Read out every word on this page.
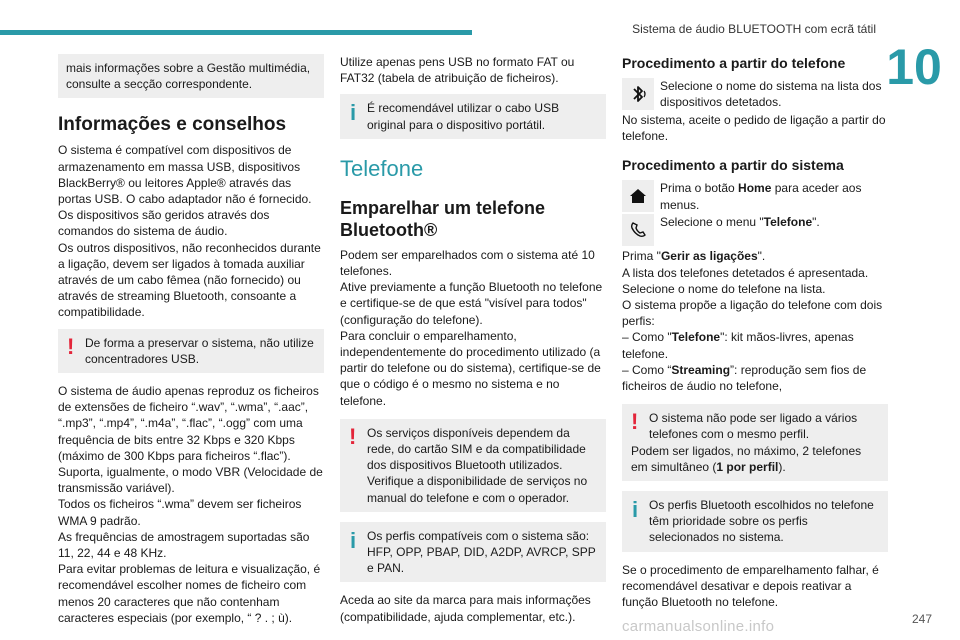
Sistema de áudio BLUETOOTH com ecrã tátil
10

mais informações sobre a Gestão multimédia, consulte a secção correspondente.

Informações e conselhos

O sistema é compatível com dispositivos de armazenamento em massa USB, dispositivos BlackBerry® ou leitores Apple® através das portas USB. O cabo adaptador não é fornecido.

Os dispositivos são geridos através dos comandos do sistema de áudio.

Os outros dispositivos, não reconhecidos durante a ligação, devem ser ligados à tomada auxiliar através de um cabo fêmea (não fornecido) ou através de streaming Bluetooth, consoante a compatibilidade.

! De forma a preservar o sistema, não utilize concentradores USB.

O sistema de áudio apenas reproduz os ficheiros de extensões de ficheiro “.wav”, “.wma”, “.aac”, “.mp3”, “.mp4”, “.m4a”, “.flac”, “.ogg” com uma frequência de bits entre 32 Kbps e 320 Kbps (máximo de 300 Kbps para ficheiros “.flac”).

Suporta, igualmente, o modo VBR (Velocidade de transmissão variável).

Todos os ficheiros “.wma” devem ser ficheiros WMA 9 padrão.

As frequências de amostragem suportadas são 11, 22, 44 e 48 KHz.

Para evitar problemas de leitura e visualização, é recomendável escolher nomes de ficheiro com menos 20 caracteres que não contenham caracteres especiais (por exemplo, “ ? . ; ù).

Utilize apenas pens USB no formato FAT ou FAT32 (tabela de atribuição de ficheiros).

i É recomendável utilizar o cabo USB original para o dispositivo portátil.

Telefone
Emparelhar um telefone Bluetooth®

Podem ser emparelhados com o sistema até 10 telefones.

Ative previamente a função Bluetooth no telefone e certifique-se de que está "visível para todos" (configuração do telefone).

Para concluir o emparelhamento, independentemente do procedimento utilizado (a partir do telefone ou do sistema), certifique-se de que o código é o mesmo no sistema e no telefone.

! Os serviços disponíveis dependem da rede, do cartão SIM e da compatibilidade dos dispositivos Bluetooth utilizados. Verifique a disponibilidade de serviços no manual do telefone e com o operador.

i Os perfis compatíveis com o sistema são: HFP, OPP, PBAP, DID, A2DP, AVRCP, SPP e PAN.

Aceda ao site da marca para mais informações (compatibilidade, ajuda complementar, etc.).

Procedimento a partir do telefone

Selecione o nome do sistema na lista dos dispositivos detetados.

No sistema, aceite o pedido de ligação a partir do telefone.

Procedimento a partir do sistema

Prima o botão Home para aceder aos menus.

Selecione o menu "Telefone".

Prima "Gerir as ligações".

A lista dos telefones detetados é apresentada.

Selecione o nome do telefone na lista.

O sistema propõe a ligação do telefone com dois perfis:

– Como "Telefone": kit mãos-livres, apenas telefone.

– Como “Streaming”: reprodução sem fios de ficheiros de áudio no telefone,

! O sistema não pode ser ligado a vários telefones com o mesmo perfil.

Podem ser ligados, no máximo, 2 telefones em simultâneo (1 por perfil).

i Os perfis Bluetooth escolhidos no telefone têm prioridade sobre os perfis selecionados no sistema.

Se o procedimento de emparelhamento falhar, é recomendável desativar e depois reativar a função Bluetooth no telefone.

247
carmanualsonline.info
